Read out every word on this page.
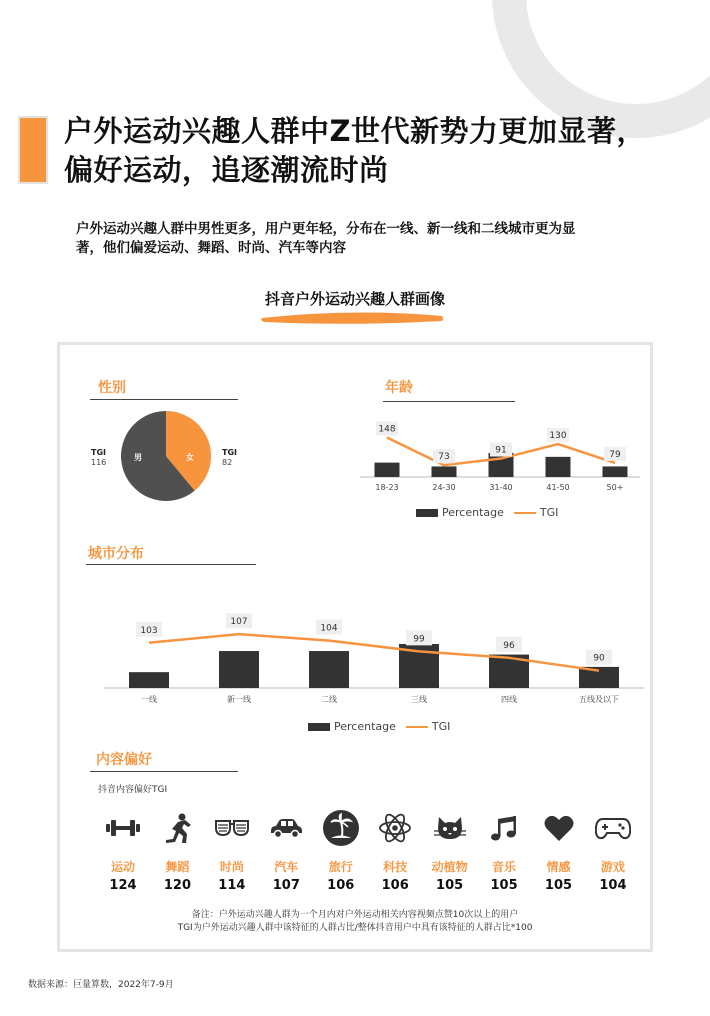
户外运动兴趣人群中Z世代新势力更加显著，
偏好运动，追逐潮流时尚

户外运动兴趣人群中男性更多，用户更年轻，分布在一线、新一线和二线城市更为显
著，他们偏爱运动、舞蹈、时尚、汽车等内容

抖音户外运动兴趣人群画像
性别
男	女
TGI
116
TGI
82
年龄
148
73
91
130
79
18-23	24-30	31-40	41-50	50+
Percentage	TGI
城市分布
103
107
104
99
96
90
一线	新一线	二线	三线	四线	五线及以下
Percentage	TGI
内容偏好
抖音内容偏好TGI
运动
124
舞蹈
120
时尚
114
汽车
107
旅行
106
科技
106
动植物
105
音乐
105
情感
105
游戏
104
备注：户外运动兴趣人群为一个月内对户外运动相关内容视频点赞10次以上的用户
TGI为户外运动兴趣人群中该特征的人群占比/整体抖音用户中具有该特征的人群占比*100
数据来源：巨量算数，2022年7-9月
